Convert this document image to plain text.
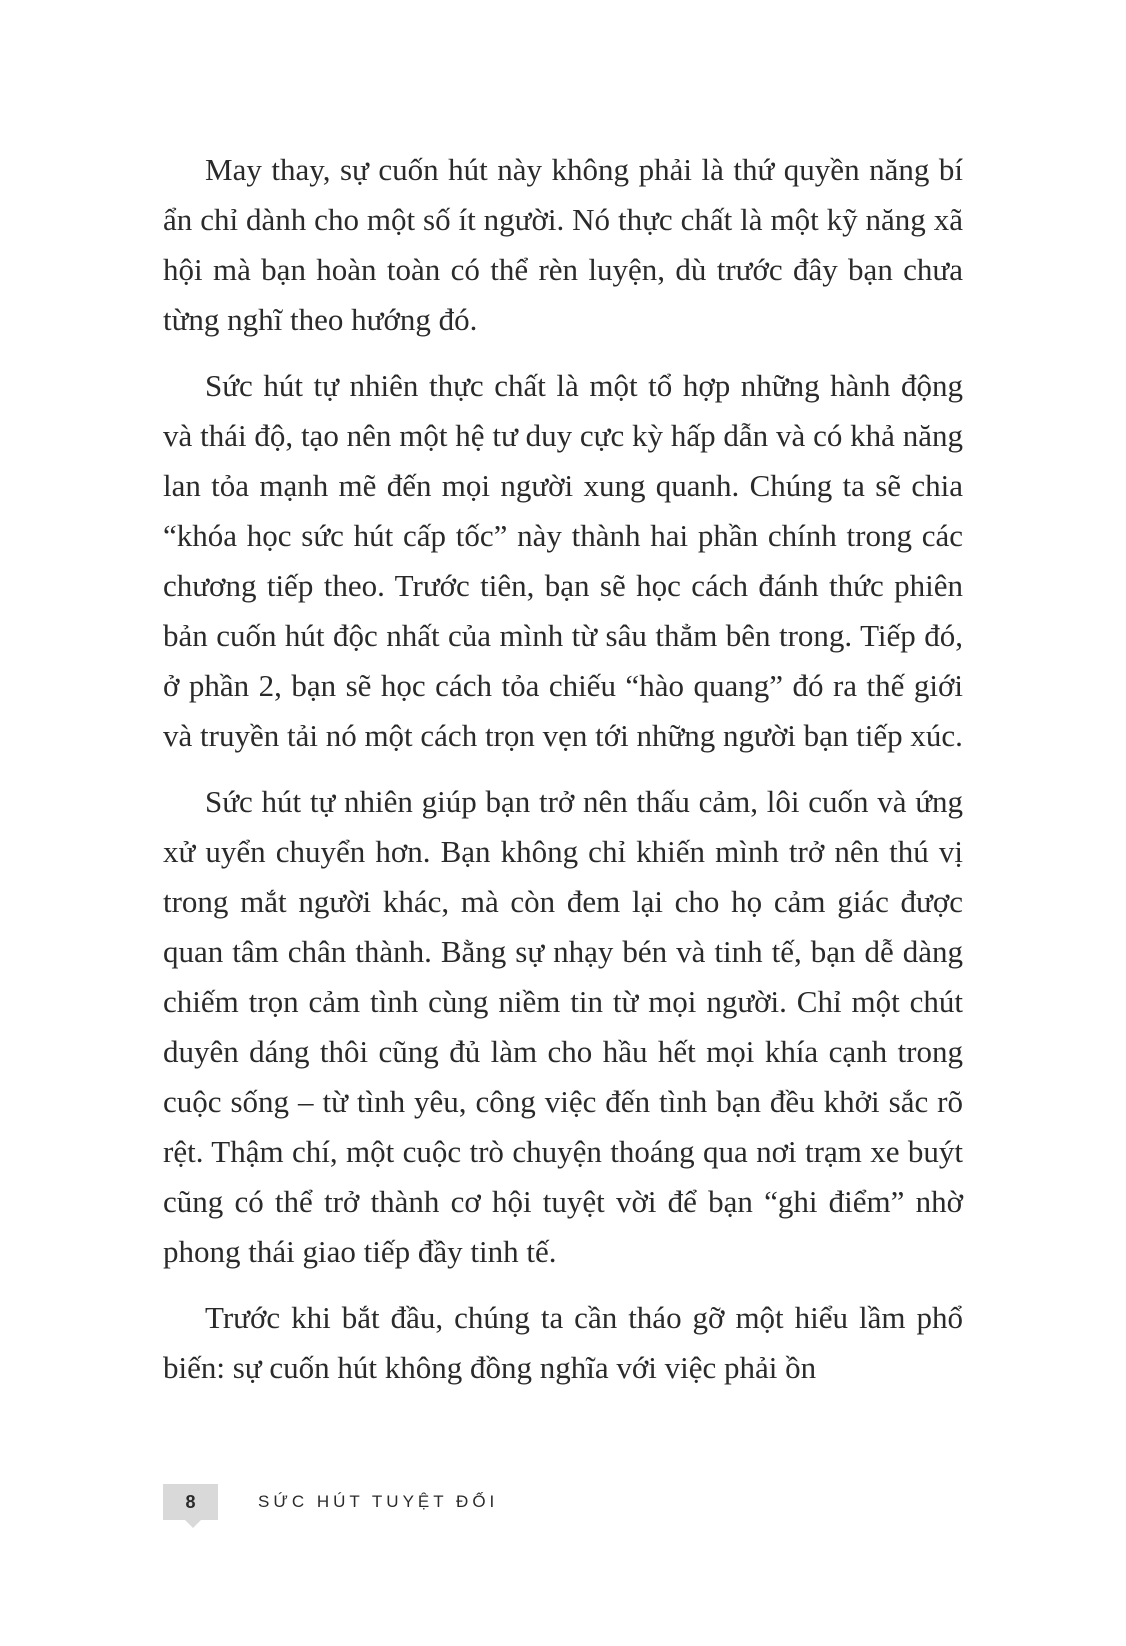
May thay, sự cuốn hút này không phải là thứ quyền năng bí ẩn chỉ dành cho một số ít người. Nó thực chất là một kỹ năng xã hội mà bạn hoàn toàn có thể rèn luyện, dù trước đây bạn chưa từng nghĩ theo hướng đó.

Sức hút tự nhiên thực chất là một tổ hợp những hành động và thái độ, tạo nên một hệ tư duy cực kỳ hấp dẫn và có khả năng lan tỏa mạnh mẽ đến mọi người xung quanh. Chúng ta sẽ chia “khóa học sức hút cấp tốc” này thành hai phần chính trong các chương tiếp theo. Trước tiên, bạn sẽ học cách đánh thức phiên bản cuốn hút độc nhất của mình từ sâu thẳm bên trong. Tiếp đó, ở phần 2, bạn sẽ học cách tỏa chiếu “hào quang” đó ra thế giới và truyền tải nó một cách trọn vẹn tới những người bạn tiếp xúc.

Sức hút tự nhiên giúp bạn trở nên thấu cảm, lôi cuốn và ứng xử uyển chuyển hơn. Bạn không chỉ khiến mình trở nên thú vị trong mắt người khác, mà còn đem lại cho họ cảm giác được quan tâm chân thành. Bằng sự nhạy bén và tinh tế, bạn dễ dàng chiếm trọn cảm tình cùng niềm tin từ mọi người. Chỉ một chút duyên dáng thôi cũng đủ làm cho hầu hết mọi khía cạnh trong cuộc sống – từ tình yêu, công việc đến tình bạn đều khởi sắc rõ rệt. Thậm chí, một cuộc trò chuyện thoáng qua nơi trạm xe buýt cũng có thể trở thành cơ hội tuyệt vời để bạn “ghi điểm” nhờ phong thái giao tiếp đầy tinh tế.

Trước khi bắt đầu, chúng ta cần tháo gỡ một hiểu lầm phổ biến: sự cuốn hút không đồng nghĩa với việc phải ồn

8	SỨC HÚT TUYỆT ĐỐI
